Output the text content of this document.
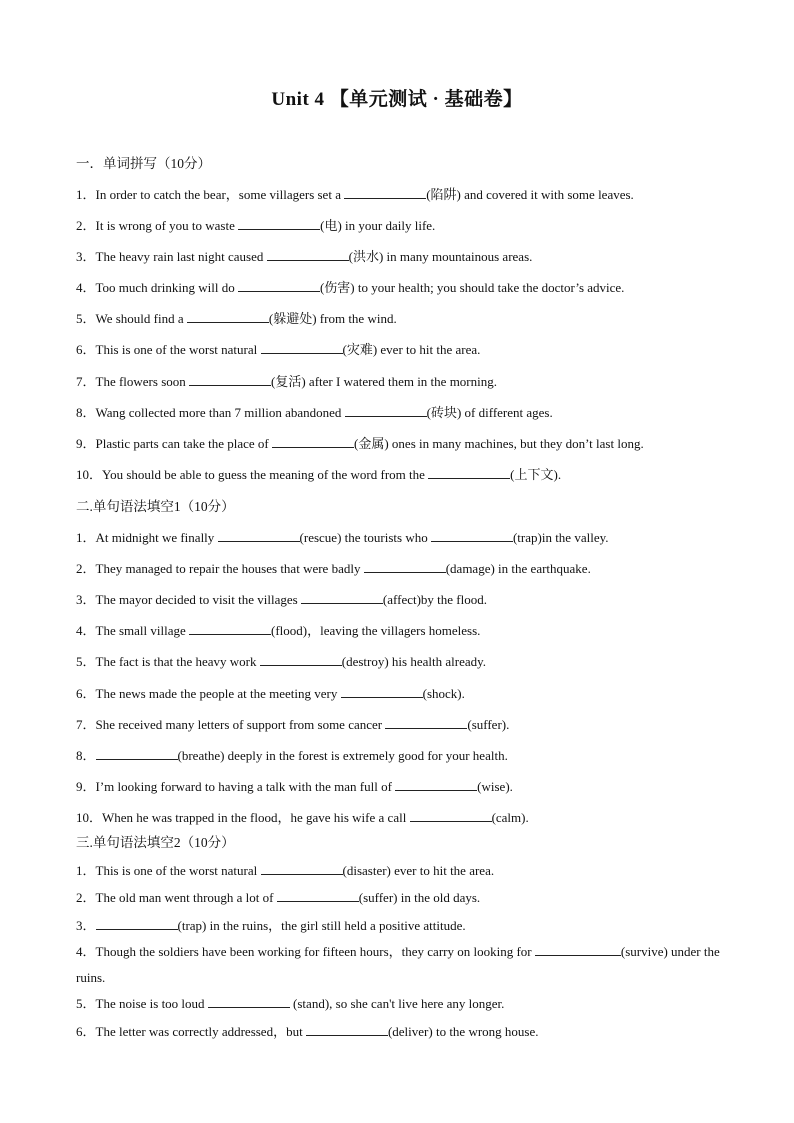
Unit 4 【单元测试 · 基础卷】
一．单词拼写（10分）
1．In order to catch the bear，some villagers set a	(陷阱) and covered it with some leaves.
2．It is wrong of you to waste	(电) in your daily life.
3．The heavy rain last night caused	(洪水) in many mountainous areas.
4．Too much drinking will do	(伤害) to your health; you should take the doctor’s advice.
5．We should find a	(躲避处) from the wind.
6．This is one of the worst natural	(灾难) ever to hit the area.
7．The flowers soon	(复活) after I watered them in the morning.
8．Wang collected more than 7 million abandoned	(砖块) of different ages.
9．Plastic parts can take the place of	(金属) ones in many machines, but they don’t last long.
10．You should be able to guess the meaning of the word from the	(上下文).
二.单句语法填空1（10分）
1．At midnight we finally	(rescue) the tourists who	(trap)in the valley.
2．They managed to repair the houses that were badly	(damage) in the earthquake.
3．The mayor decided to visit the villages	(affect)by the flood.
4．The small village	(flood)，leaving the villagers homeless.
5．The fact is that the heavy work	(destroy) his health already.
6．The news made the people at the meeting very	(shock).
7．She received many letters of support from some cancer	(suffer).
8．	(breathe) deeply in the forest is extremely good for your health.
9．I’m looking forward to having a talk with the man full of	(wise).
10．When he was trapped in the flood，he gave his wife a call	(calm).
三.单句语法填空2（10分）
1．This is one of the worst natural	(disaster) ever to hit the area.
2．The old man went through a lot of	(suffer) in the old days.
3．	(trap) in the ruins，the girl still held a positive attitude.
4．Though the soldiers have been working for fifteen hours，they carry on looking for	(survive) under the ruins.
5．The noise is too loud	(stand), so she can't live here any longer.
6．The letter was correctly addressed，but	(deliver) to the wrong house.
